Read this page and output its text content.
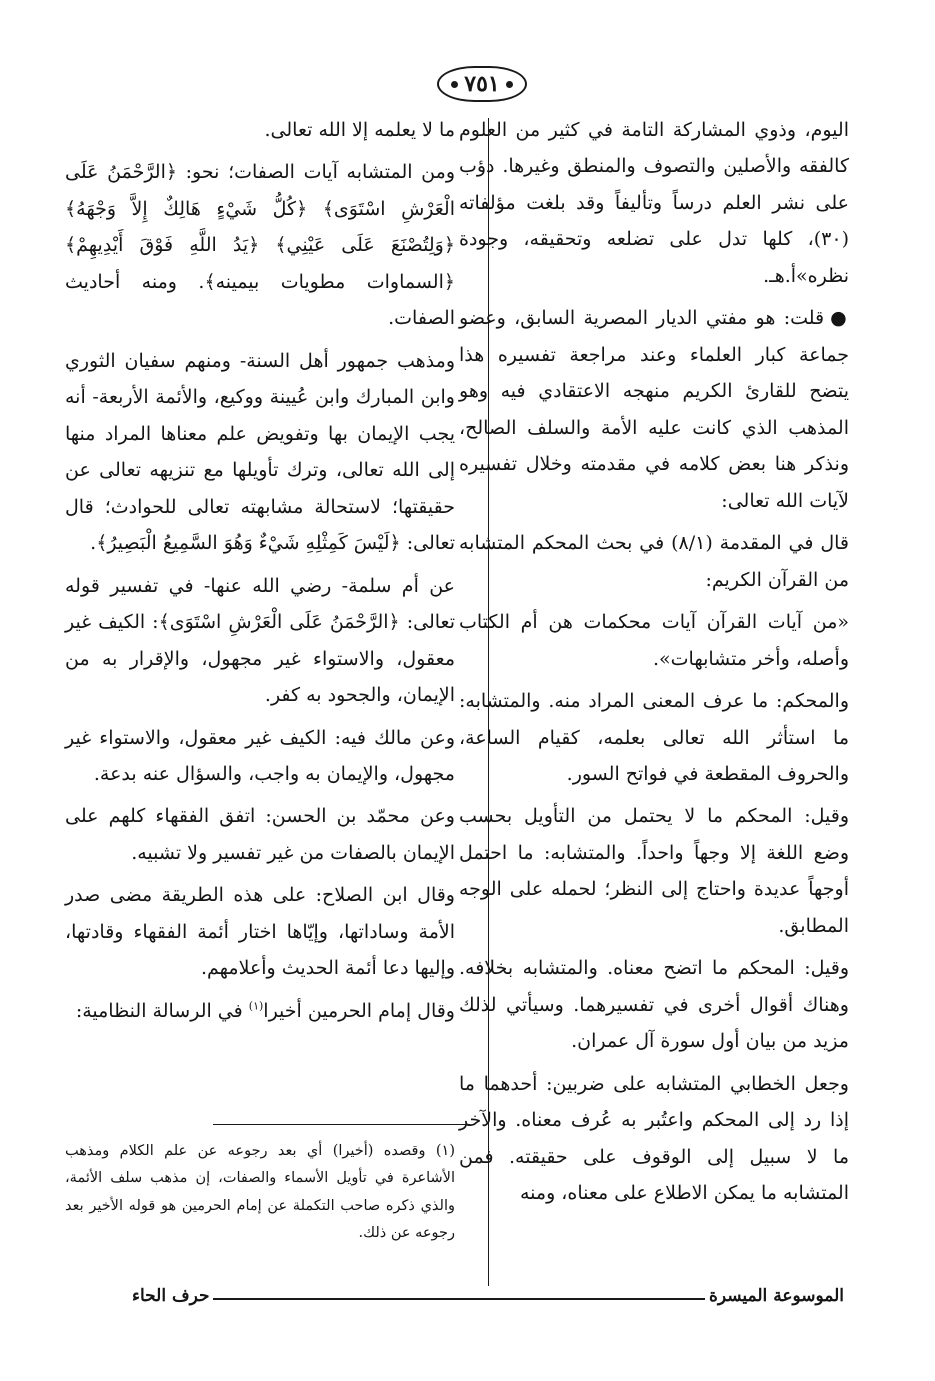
٧٥١

اليوم، وذوي المشاركة التامة في كثير من العلوم كالفقه والأصلين والتصوف والمنطق وغيرها. دؤب على نشر العلم درساً وتأليفاً وقد بلغت مؤلفاته (٣٠)، كلها تدل على تضلعه وتحقيقه، وجودة نظره»أ.هـ.

●قلت: هو مفتي الديار المصرية السابق، وعضو جماعة كبار العلماء وعند مراجعة تفسيره هذا يتضح للقارئ الكريم منهجه الاعتقادي فيه وهو المذهب الذي كانت عليه الأمة والسلف الصالح، ونذكر هنا بعض كلامه في مقدمته وخلال تفسيره لآيات الله تعالى:

قال في المقدمة (٨/١) في بحث المحكم المتشابه من القرآن الكريم:

«من آيات القرآن آيات محكمات هن أم الكتاب وأصله، وأخر متشابهات».

والمحكم: ما عرف المعنى المراد منه. والمتشابه: ما استأثر الله تعالى بعلمه، كقيام الساعة، والحروف المقطعة في فواتح السور.

وقيل: المحكم ما لا يحتمل من التأويل بحسب وضع اللغة إلا وجهاً واحداً. والمتشابه: ما احتمل أوجهاً عديدة واحتاج إلى النظر؛ لحمله على الوجه المطابق.

وقيل: المحكم ما اتضح معناه. والمتشابه بخلافه. وهناك أقوال أخرى في تفسيرهما. وسيأتي لذلك مزيد من بيان أول سورة آل عمران.

وجعل الخطابي المتشابه على ضربين: أحدهما ما إذا رد إلى المحكم واعتُبر به عُرف معناه. والآخر ما لا سبيل إلى الوقوف على حقيقته. فمن المتشابه ما يمكن الاطلاع على معناه، ومنه

ما لا يعلمه إلا الله تعالى.

ومن المتشابه آيات الصفات؛ نحو: ﴿الرَّحْمَنُ عَلَى الْعَرْشِ اسْتَوَى﴾ ﴿كُلُّ شَيْءٍ هَالِكٌ إِلاَّ وَجْهَهُ﴾ ﴿وَلِتُصْنَعَ عَلَى عَيْنِي﴾ ﴿يَدُ اللَّهِ فَوْقَ أَيْدِيهِمْ﴾ ﴿السماوات مطويات بيمينه﴾. ومنه أحاديث الصفات.

ومذهب جمهور أهل السنة- ومنهم سفيان الثوري وابن المبارك وابن عُيينة ووكيع، والأئمة الأربعة- أنه يجب الإيمان بها وتفويض علم معناها المراد منها إلى الله تعالى، وترك تأويلها مع تنزيهه تعالى عن حقيقتها؛ لاستحالة مشابهته تعالى للحوادث؛ قال تعالى: ﴿لَيْسَ كَمِثْلِهِ شَيْءٌ وَهُوَ السَّمِيعُ الْبَصِيرُ﴾.

عن أم سلمة- رضي الله عنها- في تفسير قوله تعالى: ﴿الرَّحْمَنُ عَلَى الْعَرْشِ اسْتَوَى﴾: الكيف غير معقول، والاستواء غير مجهول، والإقرار به من الإيمان، والجحود به كفر.

وعن مالك فيه: الكيف غير معقول، والاستواء غير مجهول، والإيمان به واجب، والسؤال عنه بدعة.

وعن محمّد بن الحسن: اتفق الفقهاء كلهم على الإيمان بالصفات من غير تفسير ولا تشبيه.

وقال ابن الصلاح: على هذه الطريقة مضى صدر الأمة وساداتها، وإيّاها اختار أئمة الفقهاء وقادتها، وإليها دعا أئمة الحديث وأعلامهم.

وقال إمام الحرمين أخيرا$^{(١)}$ في الرسالة النظامية:

(١) وقصده (أخيرا) أي بعد رجوعه عن علم الكلام ومذهب الأشاعرة في تأويل الأسماء والصفات، إن مذهب سلف الأئمة، والذي ذكره صاحب التكملة عن إمام الحرمين هو قوله الأخير بعد رجوعه عن ذلك.
الموسوعة الميسرة
حرف الحاء
